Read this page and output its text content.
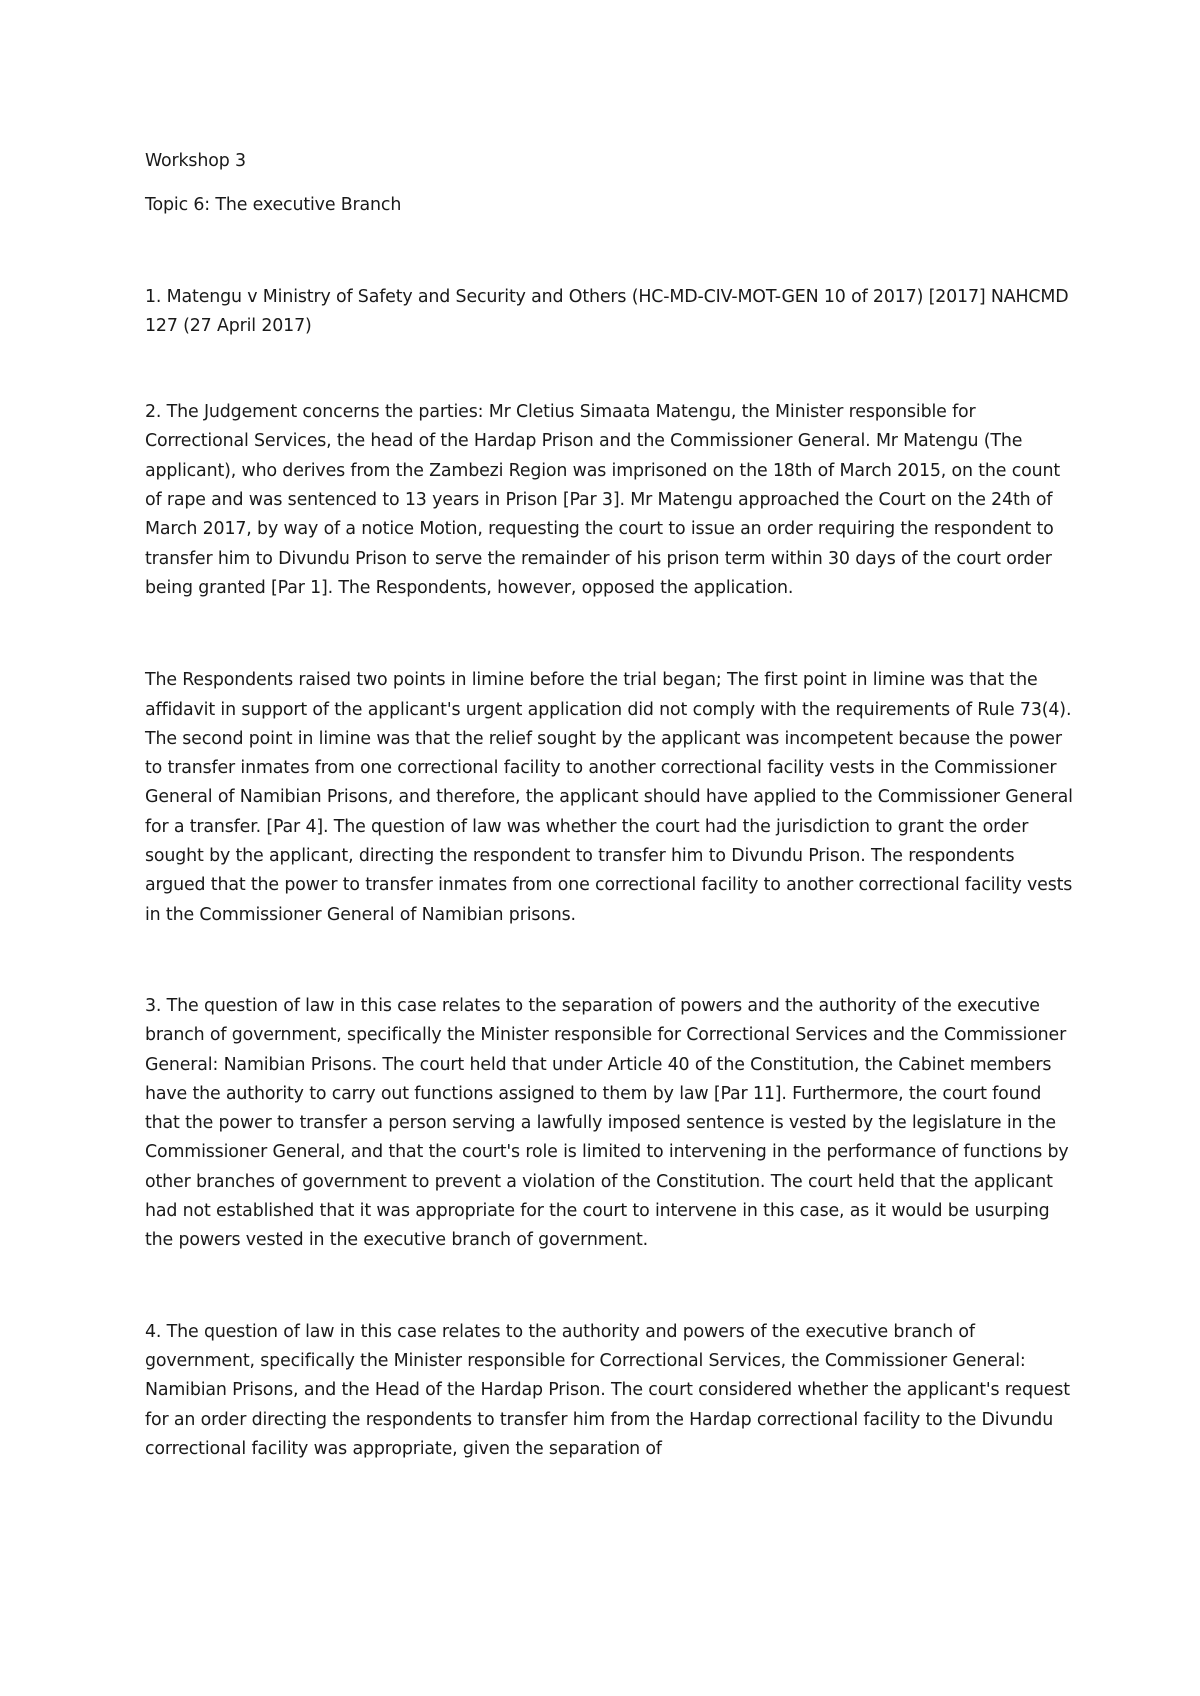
Workshop 3

Topic 6: The executive Branch

1. Matengu v Ministry of Safety and Security and Others (HC-MD-CIV-MOT-GEN 10 of 2017) [2017] NAHCMD 127 (27 April 2017)

2. The Judgement concerns the parties: Mr Cletius Simaata Matengu, the Minister responsible for Correctional Services, the head of the Hardap Prison and the Commissioner General. Mr Matengu (The applicant), who derives from the Zambezi Region was imprisoned on the 18th of March 2015, on the count of rape and was sentenced to 13 years in Prison [Par 3]. Mr Matengu approached the Court on the 24th of March 2017, by way of a notice Motion, requesting the court to issue an order requiring the respondent to transfer him to Divundu Prison to serve the remainder of his prison term within 30 days of the court order being granted [Par 1]. The Respondents, however, opposed the application.

The Respondents raised two points in limine before the trial began; The first point in limine was that the affidavit in support of the applicant's urgent application did not comply with the requirements of Rule 73(4). The second point in limine was that the relief sought by the applicant was incompetent because the power to transfer inmates from one correctional facility to another correctional facility vests in the Commissioner General of Namibian Prisons, and therefore, the applicant should have applied to the Commissioner General for a transfer. [Par 4]. The question of law was whether the court had the jurisdiction to grant the order sought by the applicant, directing the respondent to transfer him to Divundu Prison. The respondents argued that the power to transfer inmates from one correctional facility to another correctional facility vests in the Commissioner General of Namibian prisons.

3. The question of law in this case relates to the separation of powers and the authority of the executive branch of government, specifically the Minister responsible for Correctional Services and the Commissioner General: Namibian Prisons. The court held that under Article 40 of the Constitution, the Cabinet members have the authority to carry out functions assigned to them by law [Par 11]. Furthermore, the court found that the power to transfer a person serving a lawfully imposed sentence is vested by the legislature in the Commissioner General, and that the court's role is limited to intervening in the performance of functions by other branches of government to prevent a violation of the Constitution. The court held that the applicant had not established that it was appropriate for the court to intervene in this case, as it would be usurping the powers vested in the executive branch of government.

4. The question of law in this case relates to the authority and powers of the executive branch of government, specifically the Minister responsible for Correctional Services, the Commissioner General: Namibian Prisons, and the Head of the Hardap Prison. The court considered whether the applicant's request for an order directing the respondents to transfer him from the Hardap correctional facility to the Divundu correctional facility was appropriate, given the separation of
